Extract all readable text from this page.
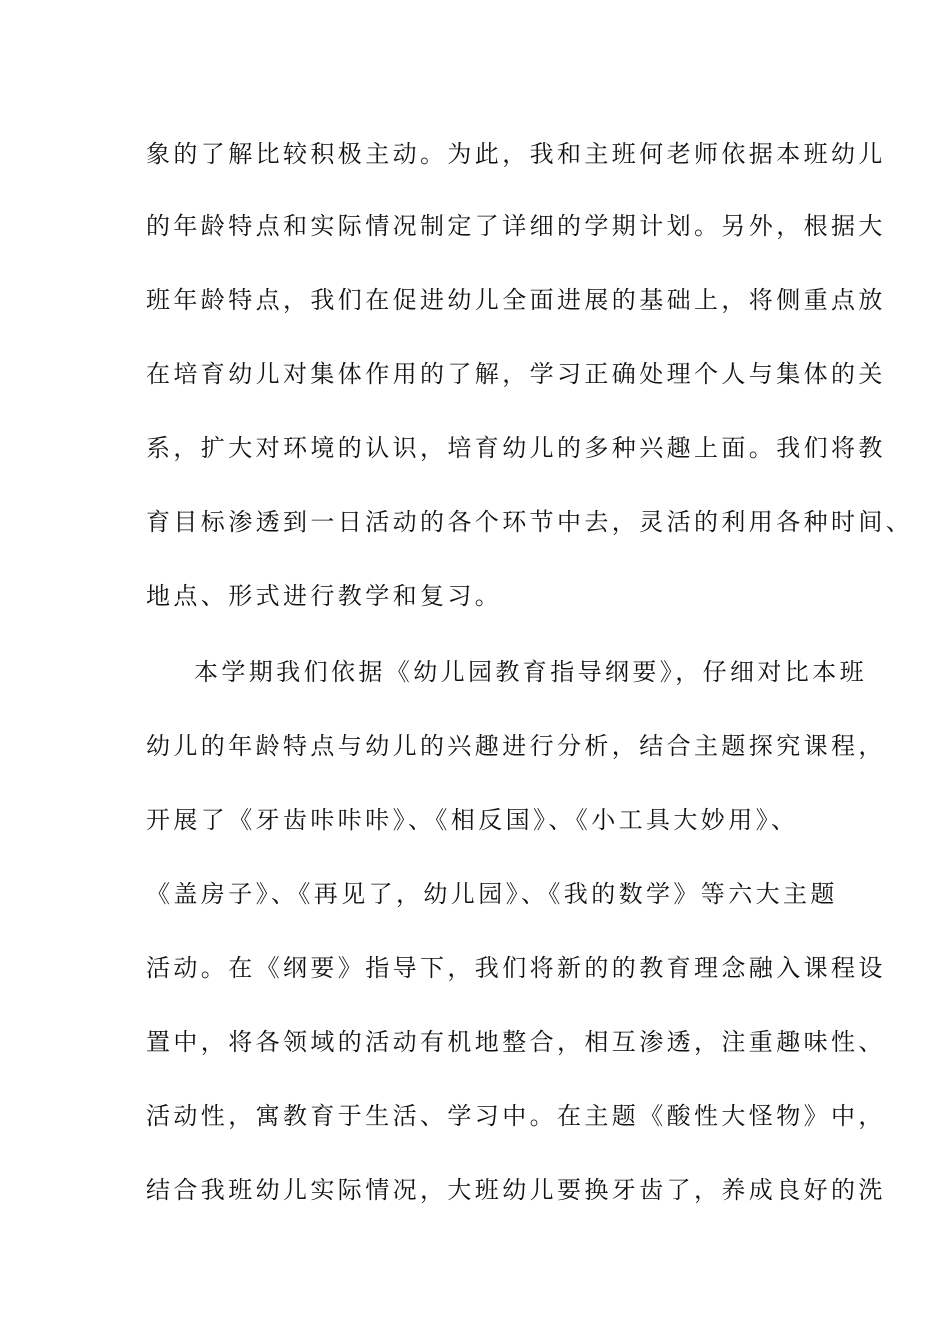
象的了解比较积极主动。为此，我和主班何老师依据本班幼儿
的年龄特点和实际情况制定了详细的学期计划。另外，根据大
班年龄特点，我们在促进幼儿全面进展的基础上，将侧重点放
在培育幼儿对集体作用的了解，学习正确处理个人与集体的关
系，扩大对环境的认识，培育幼儿的多种兴趣上面。我们将教
育目标渗透到一日活动的各个环节中去，灵活的利用各种时间、
地点、形式进行教学和复习。
本学期我们依据《幼儿园教育指导纲要》，仔细对比本班
幼儿的年龄特点与幼儿的兴趣进行分析，结合主题探究课程，
开展了《牙齿咔咔咔》、《相反国》、《小工具大妙用》、
《盖房子》、《再见了，幼儿园》、《我的数学》等六大主题
活动。在《纲要》指导下，我们将新的的教育理念融入课程设
置中，将各领域的活动有机地整合，相互渗透，注重趣味性、
活动性，寓教育于生活、学习中。在主题《酸性大怪物》中，
结合我班幼儿实际情况，大班幼儿要换牙齿了，养成良好的洗
